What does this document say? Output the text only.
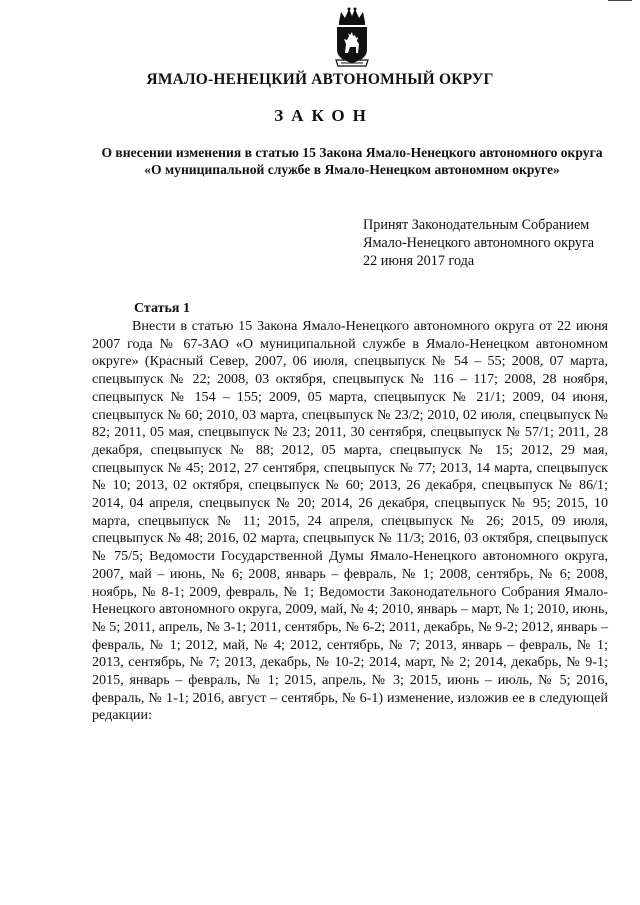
ЯМАЛО-НЕНЕЦКИЙ АВТОНОМНЫЙ ОКРУГ
ЗАКОН
О внесении изменения в статью 15 Закона Ямало-Ненецкого автономного округа «О муниципальной службе в Ямало-Ненецком автономном округе»
Принят Законодательным Собранием
Ямало-Ненецкого автономного округа
22 июня 2017 года
Статья 1
Внести в статью 15 Закона Ямало-Ненецкого автономного округа от 22 июня 2007 года № 67-ЗАО «О муниципальной службе в Ямало-Ненецком автономном округе» (Красный Север, 2007, 06 июля, спецвыпуск № 54 – 55; 2008, 07 марта, спецвыпуск № 22; 2008, 03 октября, спецвыпуск № 116 – 117; 2008, 28 ноября, спецвыпуск № 154 – 155; 2009, 05 марта, спецвыпуск № 21/1; 2009, 04 июня, спецвыпуск № 60; 2010, 03 марта, спецвыпуск № 23/2; 2010, 02 июля, спецвыпуск № 82; 2011, 05 мая, спецвыпуск № 23; 2011, 30 сентября, спецвыпуск № 57/1; 2011, 28 декабря, спецвыпуск № 88; 2012, 05 марта, спецвыпуск № 15; 2012, 29 мая, спецвыпуск № 45; 2012, 27 сентября, спецвыпуск № 77; 2013, 14 марта, спецвыпуск № 10; 2013, 02 октября, спецвыпуск № 60; 2013, 26 декабря, спецвыпуск № 86/1; 2014, 04 апреля, спецвыпуск № 20; 2014, 26 декабря, спецвыпуск № 95; 2015, 10 марта, спецвыпуск № 11; 2015, 24 апреля, спецвыпуск № 26; 2015, 09 июля, спецвыпуск № 48; 2016, 02 марта, спецвыпуск № 11/3; 2016, 03 октября, спецвыпуск № 75/5; Ведомости Государственной Думы Ямало-Ненецкого автономного округа, 2007, май – июнь, № 6; 2008, январь – февраль, № 1; 2008, сентябрь, № 6; 2008, ноябрь, № 8-1; 2009, февраль, № 1; Ведомости Законодательного Собрания Ямало-Ненецкого автономного округа, 2009, май, № 4; 2010, январь – март, № 1; 2010, июнь, № 5; 2011, апрель, № 3-1; 2011, сентябрь, № 6-2; 2011, декабрь, № 9-2; 2012, январь – февраль, № 1; 2012, май, № 4; 2012, сентябрь, № 7; 2013, январь – февраль, № 1; 2013, сентябрь, № 7; 2013, декабрь, № 10-2; 2014, март, № 2; 2014, декабрь, № 9-1; 2015, январь – февраль, № 1; 2015, апрель, № 3; 2015, июнь – июль, № 5; 2016, февраль, № 1-1; 2016, август – сентябрь, № 6-1) изменение, изложив ее в следующей редакции:
